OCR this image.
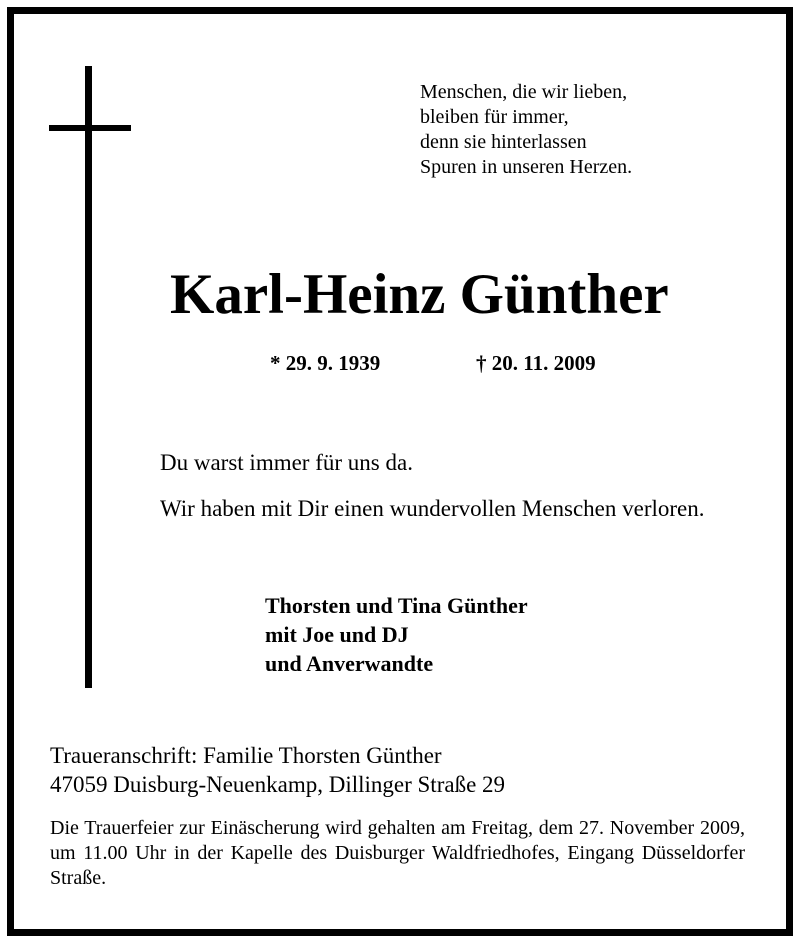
Menschen, die wir lieben,
bleiben für immer,
denn sie hinterlassen
Spuren in unseren Herzen.
Karl-Heinz Günther
* 29. 9. 1939	† 20. 11. 2009
Du warst immer für uns da.
Wir haben mit Dir einen wundervollen Menschen verloren.
Thorsten und Tina Günther
mit Joe und DJ
und Anverwandte
Traueranschrift: Familie Thorsten Günther
47059 Duisburg-Neuenkamp, Dillinger Straße 29
Die Trauerfeier zur Einäscherung wird gehalten am Freitag, dem 27. November 2009, um 11.00 Uhr in der Kapelle des Duisburger Waldfriedhofes, Eingang Düsseldorfer Straße.
